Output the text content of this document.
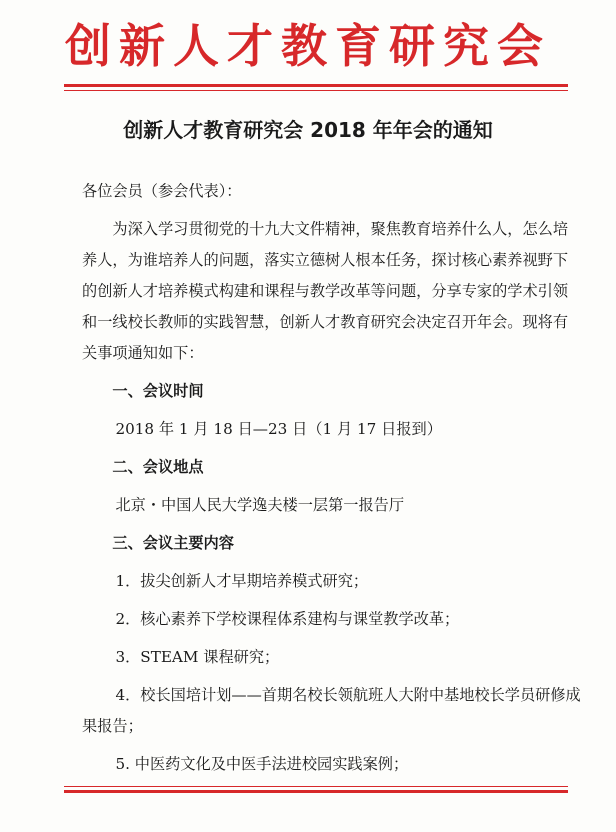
创新人才教育研究会
创新人才教育研究会 2018 年年会的通知

各位会员（参会代表）：

为深入学习贯彻党的十九大文件精神，聚焦教育培养什么人，怎么培养人，为谁培养人的问题，落实立德树人根本任务，探讨核心素养视野下的创新人才培养模式构建和课程与教学改革等问题，分享专家的学术引领和一线校长教师的实践智慧，创新人才教育研究会决定召开年会。现将有关事项通知如下：

一、会议时间

2018 年 1 月 18 日—23 日（1 月 17 日报到）

二、会议地点

北京・中国人民大学逸夫楼一层第一报告厅

三、会议主要内容

1．拔尖创新人才早期培养模式研究；

2．核心素养下学校课程体系建构与课堂教学改革；

3．STEAM 课程研究；

4．校长国培计划——首期名校长领航班人大附中基地校长学员研修成果报告；

5. 中医药文化及中医手法进校园实践案例；
